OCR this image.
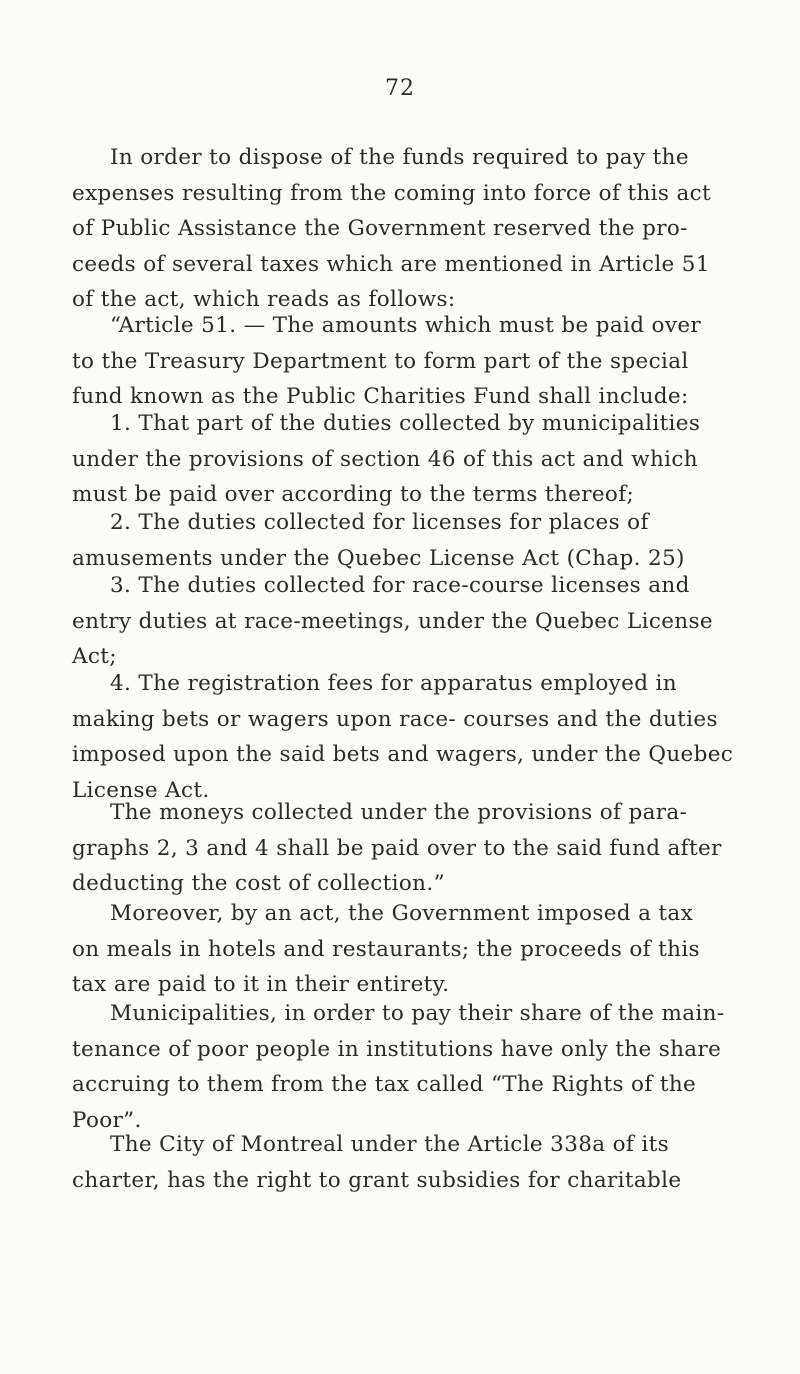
72
In order to dispose of the funds required to pay the
expenses resulting from the coming into force of this act
of Public Assistance the Government reserved the pro-
ceeds of several taxes which are mentioned in Article 51
of the act, which reads as follows:
“Article 51. — The amounts which must be paid over
to the Treasury Department to form part of the special
fund known as the Public Charities Fund shall include:
1. That part of the duties collected by municipalities
under the provisions of section 46 of this act and which
must be paid over according to the terms thereof;
2. The duties collected for licenses for places of
amusements under the Quebec License Act (Chap. 25)
3. The duties collected for race-course licenses and
entry duties at race-meetings, under the Quebec License
Act;
4. The registration fees for apparatus employed in
making bets or wagers upon race- courses and the duties
imposed upon the said bets and wagers, under the Quebec
License Act.
The moneys collected under the provisions of para-
graphs 2, 3 and 4 shall be paid over to the said fund after
deducting the cost of collection.”
Moreover, by an act, the Government imposed a tax
on meals in hotels and restaurants; the proceeds of this
tax are paid to it in their entirety.
Municipalities, in order to pay their share of the main-
tenance of poor people in institutions have only the share
accruing to them from the tax called “The Rights of the
Poor”.
The City of Montreal under the Article 338a of its
charter, has the right to grant subsidies for charitable
